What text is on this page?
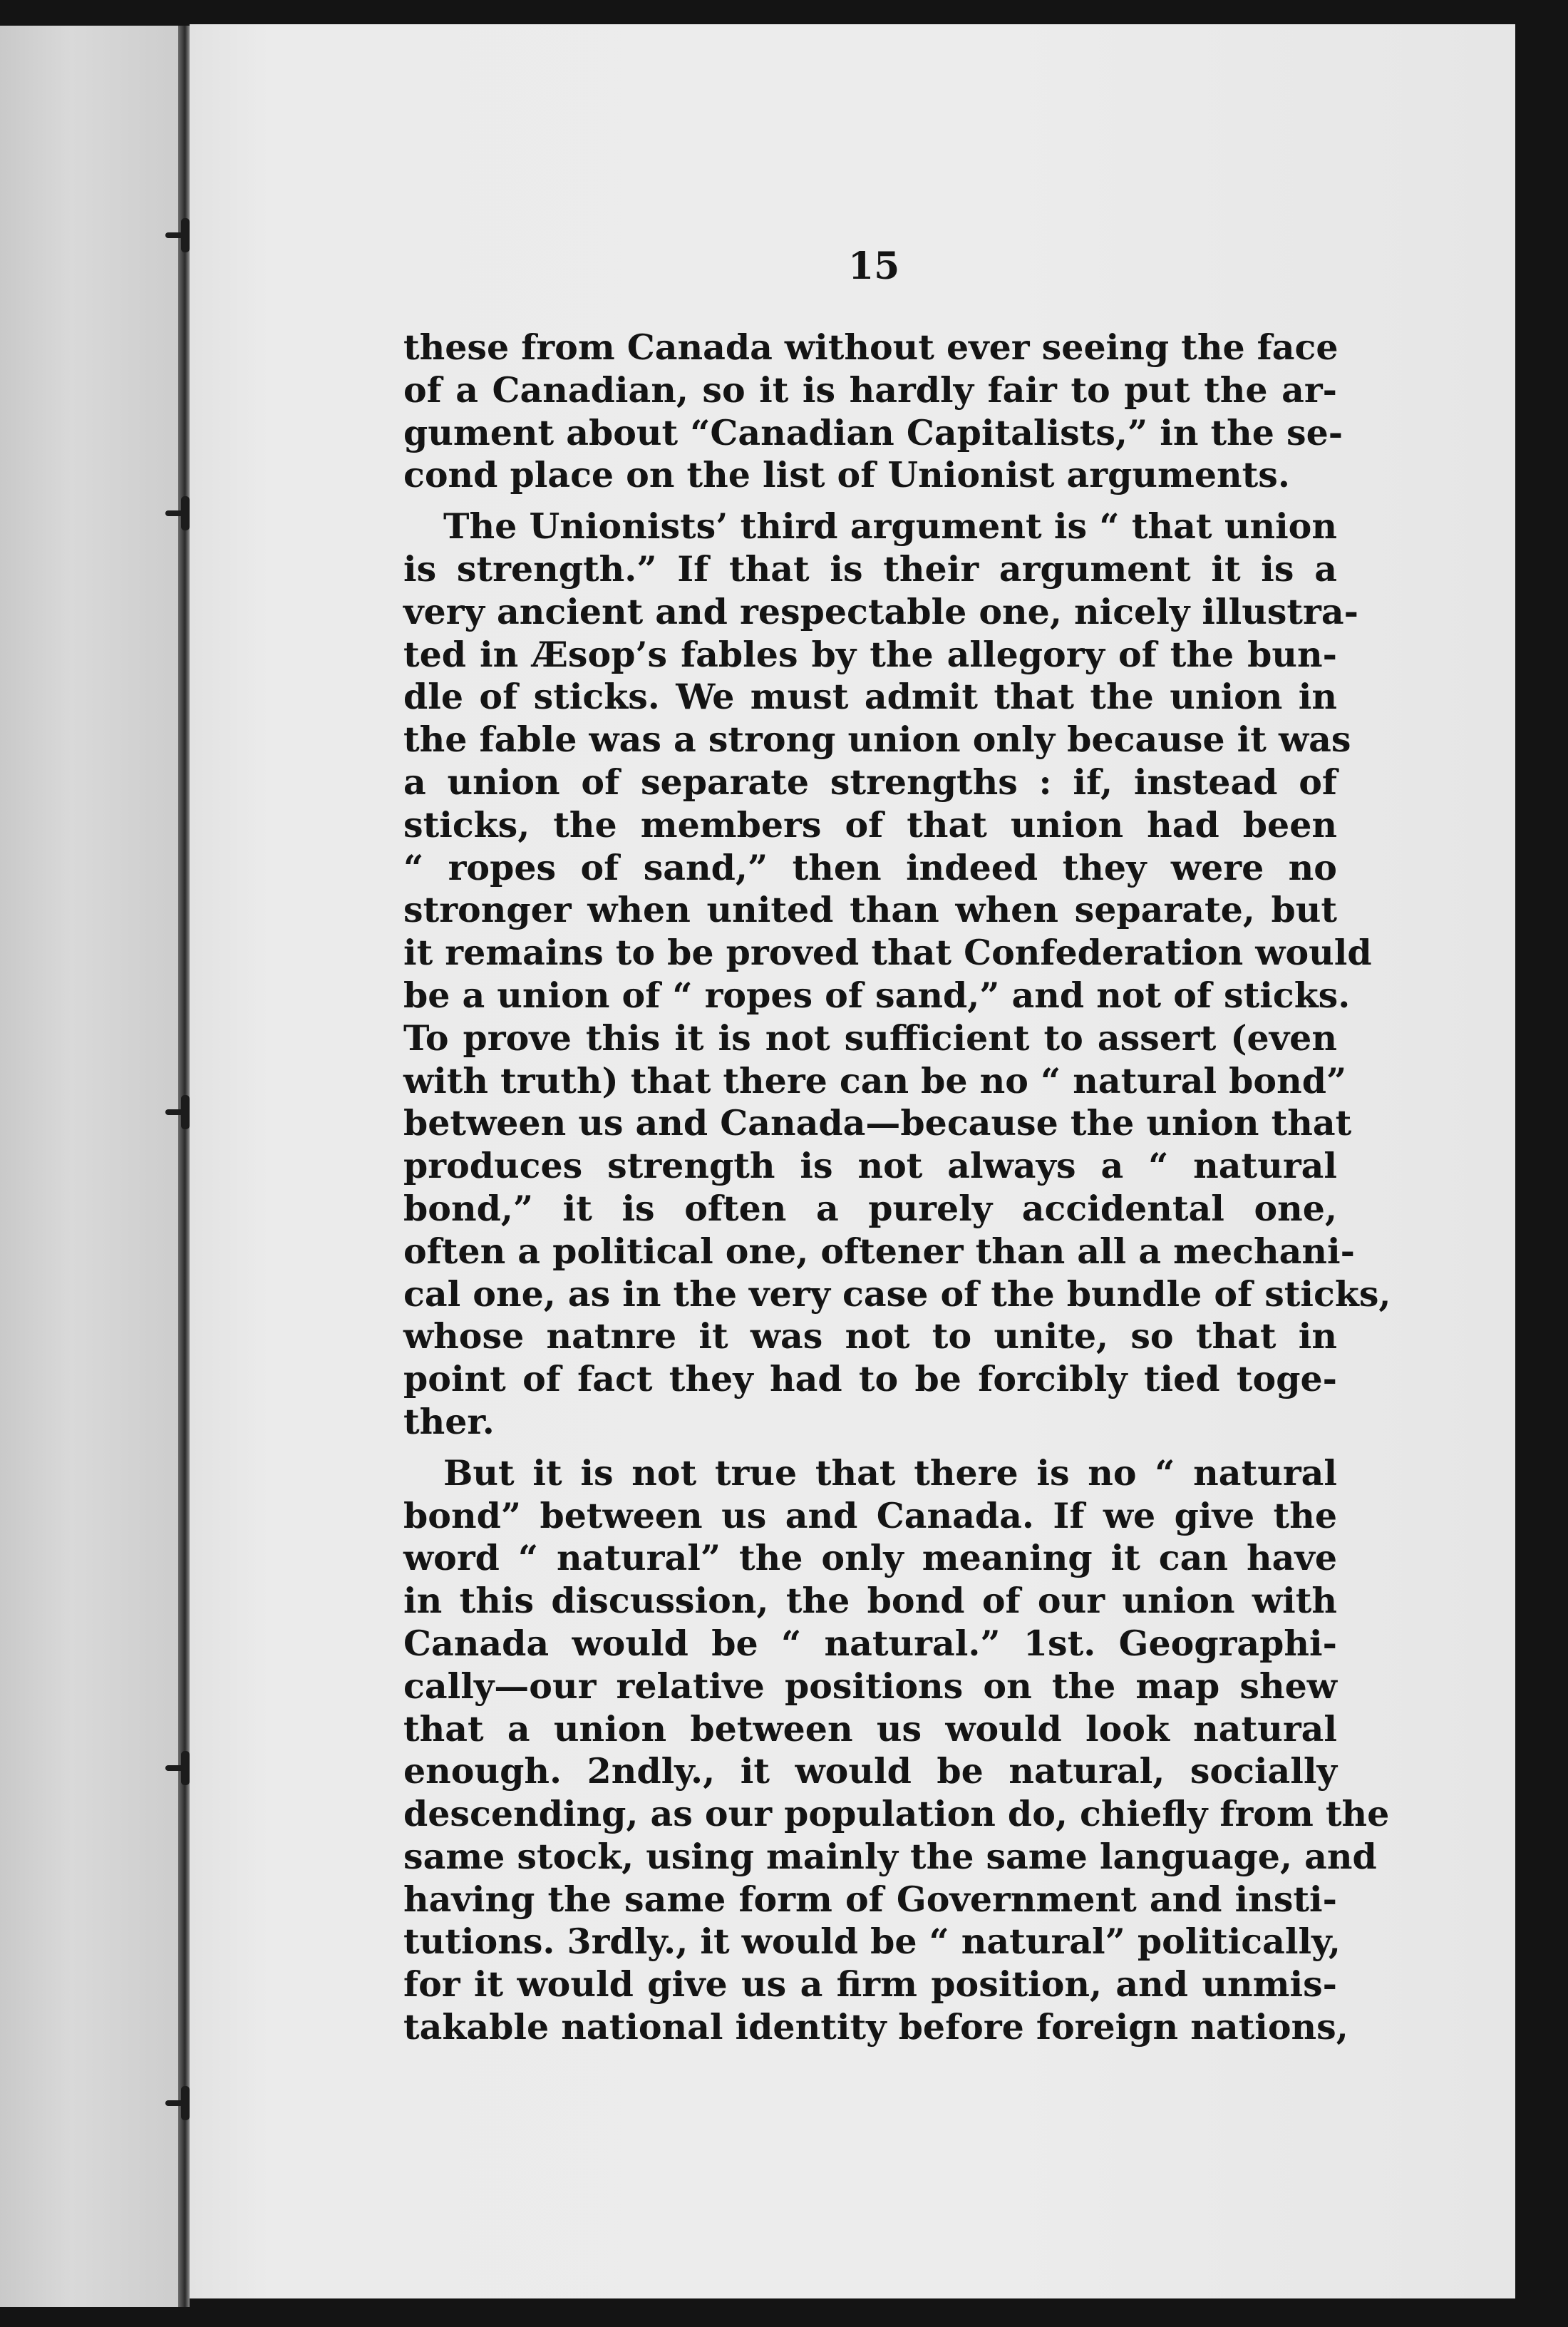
15
these from Canada without ever seeing the face
of a Canadian, so it is hardly fair to put the ar-
gument about “Canadian Capitalists,” in the se-
cond place on the list of Unionist arguments.
The Unionists’ third argument is “ that union
is strength.” If that is their argument it is a
very ancient and respectable one, nicely illustra-
ted in Æsop’s fables by the allegory of the bun-
dle of sticks. We must admit that the union in
the fable was a strong union only because it was
a union of separate strengths : if, instead of
sticks, the members of that union had been
“ ropes of sand,” then indeed they were no
stronger when united than when separate, but
it remains to be proved that Confederation would
be a union of “ ropes of sand,” and not of sticks.
To prove this it is not sufficient to assert (even
with truth) that there can be no “ natural bond”
between us and Canada—because the union that
produces strength is not always a “ natural
bond,” it is often a purely accidental one,
often a political one, oftener than all a mechani-
cal one, as in the very case of the bundle of sticks,
whose natnre it was not to unite, so that in
point of fact they had to be forcibly tied toge-
ther.
But it is not true that there is no “ natural
bond” between us and Canada. If we give the
word “ natural” the only meaning it can have
in this discussion, the bond of our union with
Canada would be “ natural.” 1st. Geographi-
cally—our relative positions on the map shew
that a union between us would look natural
enough. 2ndly., it would be natural, socially
descending, as our population do, chiefly from the
same stock, using mainly the same language, and
having the same form of Government and insti-
tutions. 3rdly., it would be “ natural” politically,
for it would give us a firm position, and unmis-
takable national identity before foreign nations,
